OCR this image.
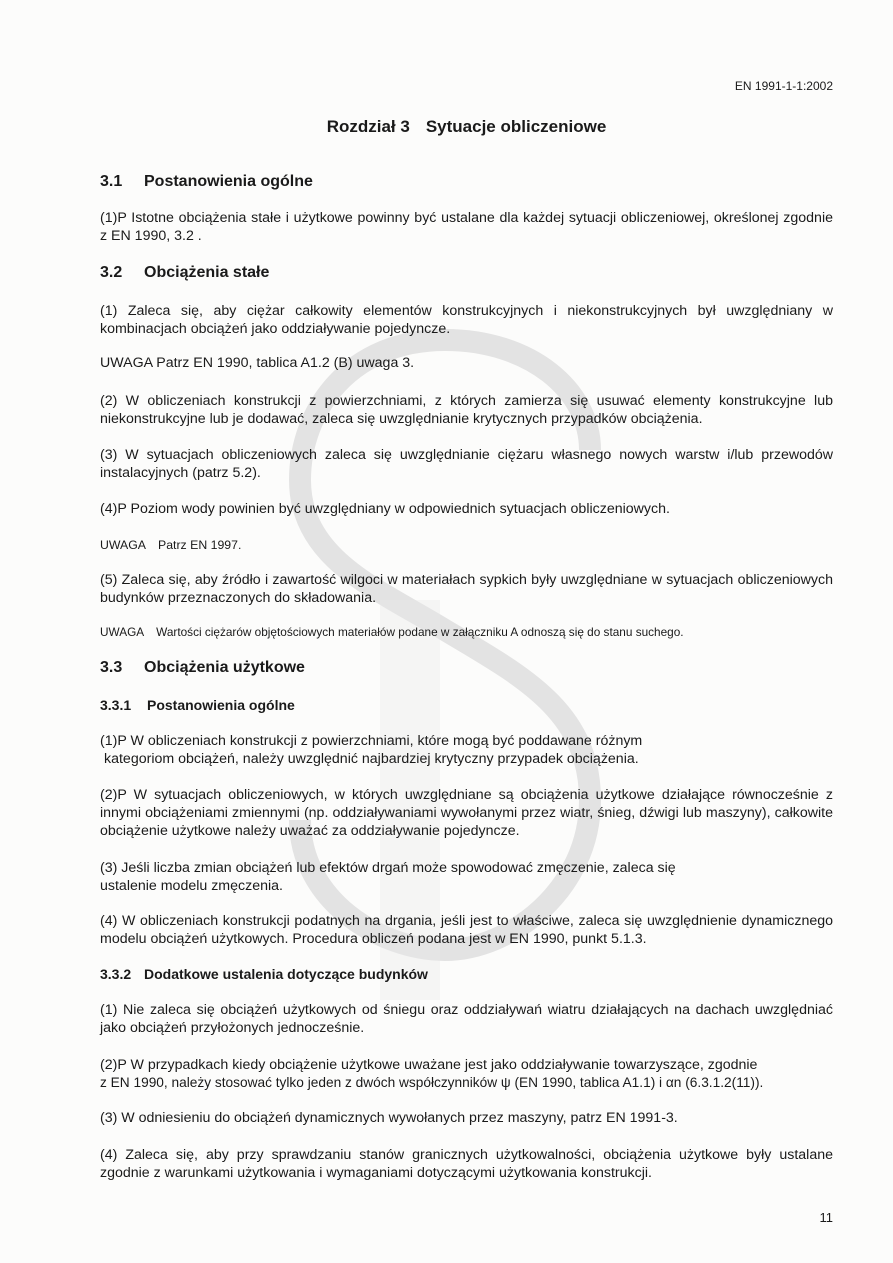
EN 1991-1-1:2002
Rozdział 3 Sytuacje obliczeniowe
3.1 Postanowienia ogólne
(1)P Istotne obciążenia stałe i użytkowe powinny być ustalane dla każdej sytuacji obliczeniowej, określonej zgodnie z EN 1990, 3.2 .
3.2 Obciążenia stałe
(1) Zaleca się, aby ciężar całkowity elementów konstrukcyjnych i niekonstrukcyjnych był uwzględniany w kombinacjach obciążeń jako oddziaływanie pojedyncze.
UWAGA Patrz EN 1990, tablica A1.2 (B) uwaga 3.
(2) W obliczeniach konstrukcji z powierzchniami, z których zamierza się usuwać elementy konstrukcyjne lub niekonstrukcyjne lub je dodawać, zaleca się uwzględnianie krytycznych przypadków obciążenia.
(3) W sytuacjach obliczeniowych zaleca się uwzględnianie ciężaru własnego nowych warstw i/lub przewodów instalacyjnych (patrz 5.2).
(4)P Poziom wody powinien być uwzględniany w odpowiednich sytuacjach obliczeniowych.
UWAGA Patrz EN 1997.
(5) Zaleca się, aby źródło i zawartość wilgoci w materiałach sypkich były uwzględniane w sytuacjach obliczeniowych budynków przeznaczonych do składowania.
UWAGA Wartości ciężarów objętościowych materiałów podane w załączniku A odnoszą się do stanu suchego.
3.3 Obciążenia użytkowe
3.3.1 Postanowienia ogólne
(1)P W obliczeniach konstrukcji z powierzchniami, które mogą być poddawane różnym
kategoriom obciążeń, należy uwzględnić najbardziej krytyczny przypadek obciążenia.
(2)P W sytuacjach obliczeniowych, w których uwzględniane są obciążenia użytkowe działające równocześnie z innymi obciążeniami zmiennymi (np. oddziaływaniami wywołanymi przez wiatr, śnieg, dźwigi lub maszyny), całkowite obciążenie użytkowe należy uważać za oddziaływanie pojedyncze.
(3) Jeśli liczba zmian obciążeń lub efektów drgań może spowodować zmęczenie, zaleca się
ustalenie modelu zmęczenia.
(4) W obliczeniach konstrukcji podatnych na drgania, jeśli jest to właściwe, zaleca się uwzględnienie dynamicznego modelu obciążeń użytkowych. Procedura obliczeń podana jest w EN 1990, punkt 5.1.3.
3.3.2 Dodatkowe ustalenia dotyczące budynków
(1) Nie zaleca się obciążeń użytkowych od śniegu oraz oddziaływań wiatru działających na dachach uwzględniać jako obciążeń przyłożonych jednocześnie.
(2)P W przypadkach kiedy obciążenie użytkowe uważane jest jako oddziaływanie towarzyszące, zgodnie
z EN 1990, należy stosować tylko jeden z dwóch współczynników ψ (EN 1990, tablica A1.1) i αn (6.3.1.2(11)).
(3) W odniesieniu do obciążeń dynamicznych wywołanych przez maszyny, patrz EN 1991-3.
(4) Zaleca się, aby przy sprawdzaniu stanów granicznych użytkowalności, obciążenia użytkowe były ustalane zgodnie z warunkami użytkowania i wymaganiami dotyczącymi użytkowania konstrukcji.
11
